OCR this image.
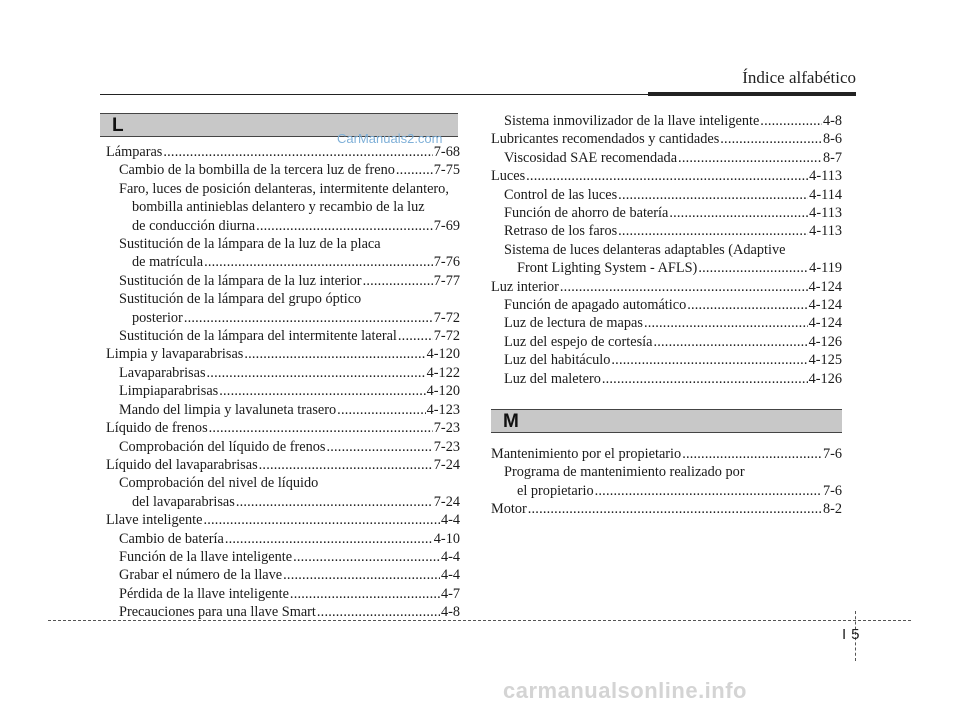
Índice alfabético
L
Lámparas .....	7-68
Cambio de la bombilla de la tercera luz de freno .....	7-75
Faro, luces de posición delanteras, intermitente delantero,
bombilla antinieblas delantero y recambio de la luz
de conducción diurna .....	7-69
Sustitución de la lámpara de la luz de la placa
de matrícula .....	7-76
Sustitución de la lámpara de la luz interior .....	7-77
Sustitución de la lámpara del grupo óptico
posterior .....	7-72
Sustitución de la lámpara del intermitente lateral .....	7-72
Limpia y lavaparabrisas .....	4-120
Lavaparabrisas .....	4-122
Limpiaparabrisas .....	4-120
Mando del limpia y lavaluneta trasero .....	4-123
Líquido de frenos .....	7-23
Comprobación del líquido de frenos .....	7-23
Líquido del lavaparabrisas .....	7-24
Comprobación del nivel de líquido
del lavaparabrisas .....	7-24
Llave inteligente .....	4-4
Cambio de batería .....	4-10
Función de la llave inteligente .....	4-4
Grabar el número de la llave .....	4-4
Pérdida de la llave inteligente .....	4-7
Precauciones para una llave Smart .....	4-8
Sistema inmovilizador de la llave inteligente .....	4-8
Lubricantes recomendados y cantidades .....	8-6
Viscosidad SAE recomendada .....	8-7
Luces .....	4-113
Control de las luces .....	4-114
Función de ahorro de batería .....	4-113
Retraso de los faros .....	4-113
Sistema de luces delanteras adaptables (Adaptive
Front Lighting System - AFLS) .....	4-119
Luz interior .....	4-124
Función de apagado automático .....	4-124
Luz de lectura de mapas .....	4-124
Luz del espejo de cortesía .....	4-126
Luz del habitáculo .....	4-125
Luz del maletero .....	4-126
M
Mantenimiento por el propietario .....	7-6
Programa de mantenimiento realizado por
el propietario .....	7-6
Motor .....	8-2
CarManuals2.com
I 5
carmanualsonline.info
